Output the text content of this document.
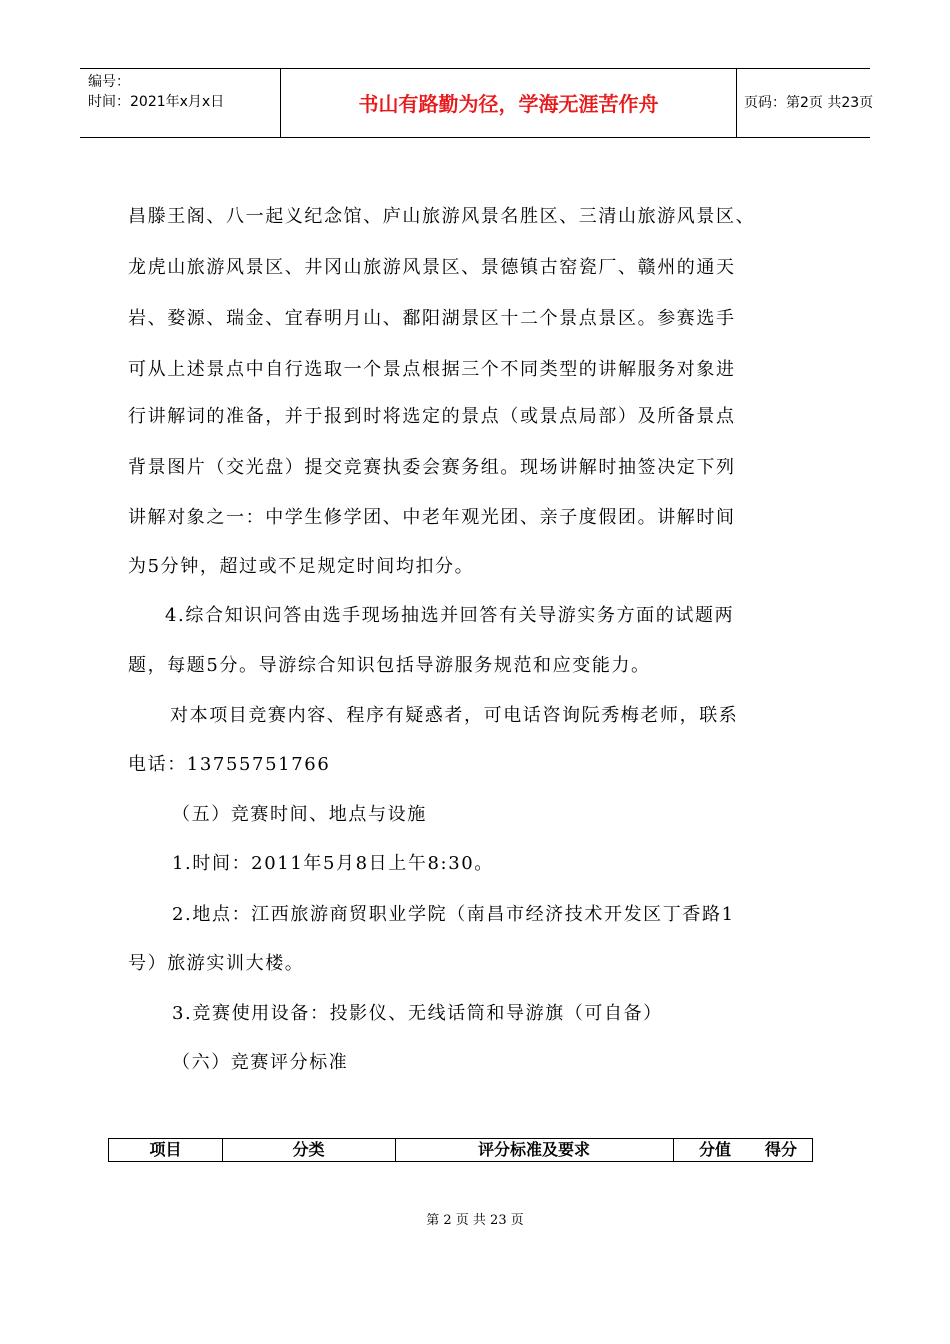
编号：
时间：2021年x月x日	书山有路勤为径，学海无涯苦作舟	页码：第2页 共23页
昌滕王阁、八一起义纪念馆、庐山旅游风景名胜区、三清山旅游风景区、
龙虎山旅游风景区、井冈山旅游风景区、景德镇古窑瓷厂、赣州的通天
岩、婺源、瑞金、宜春明月山、鄱阳湖景区十二个景点景区。参赛选手
可从上述景点中自行选取一个景点根据三个不同类型的讲解服务对象进
行讲解词的准备，并于报到时将选定的景点（或景点局部）及所备景点
背景图片（交光盘）提交竞赛执委会赛务组。现场讲解时抽签决定下列
讲解对象之一：中学生修学团、中老年观光团、亲子度假团。讲解时间
为5分钟，超过或不足规定时间均扣分。
4.综合知识问答由选手现场抽选并回答有关导游实务方面的试题两
题，每题5分。导游综合知识包括导游服务规范和应变能力。
对本项目竞赛内容、程序有疑惑者，可电话咨询阮秀梅老师，联系
电话：13755751766
（五）竞赛时间、地点与设施
1.时间：2011年5月8日上午8:30。
2.地点：江西旅游商贸职业学院（南昌市经济技术开发区丁香路1
号）旅游实训大楼。
3.竞赛使用设备：投影仪、无线话筒和导游旗（可自备）
（六）竞赛评分标准
项目	分类	评分标准及要求	分值	得分
第 2 页 共 23 页
